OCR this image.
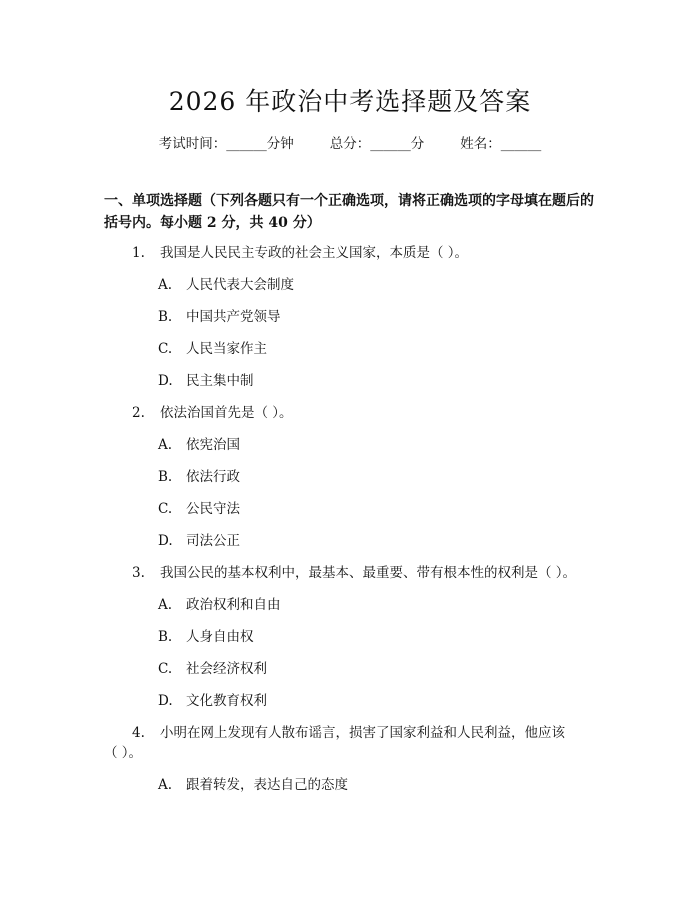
2026 年政治中考选择题及答案
考试时间：______分钟	总分：______分	姓名：______
一、单项选择题（下列各题只有一个正确选项，请将正确选项的字母填在题后的括号内。每小题 2 分，共 40 分）
1. 我国是人民民主专政的社会主义国家，本质是（ ）。
A. 人民代表大会制度
B. 中国共产党领导
C. 人民当家作主
D. 民主集中制
2. 依法治国首先是（ ）。
A. 依宪治国
B. 依法行政
C. 公民守法
D. 司法公正
3. 我国公民的基本权利中，最基本、最重要、带有根本性的权利是（ ）。
A. 政治权利和自由
B. 人身自由权
C. 社会经济权利
D. 文化教育权利
4. 小明在网上发现有人散布谣言，损害了国家利益和人民利益，他应该
（ ）。
A. 跟着转发，表达自己的态度
